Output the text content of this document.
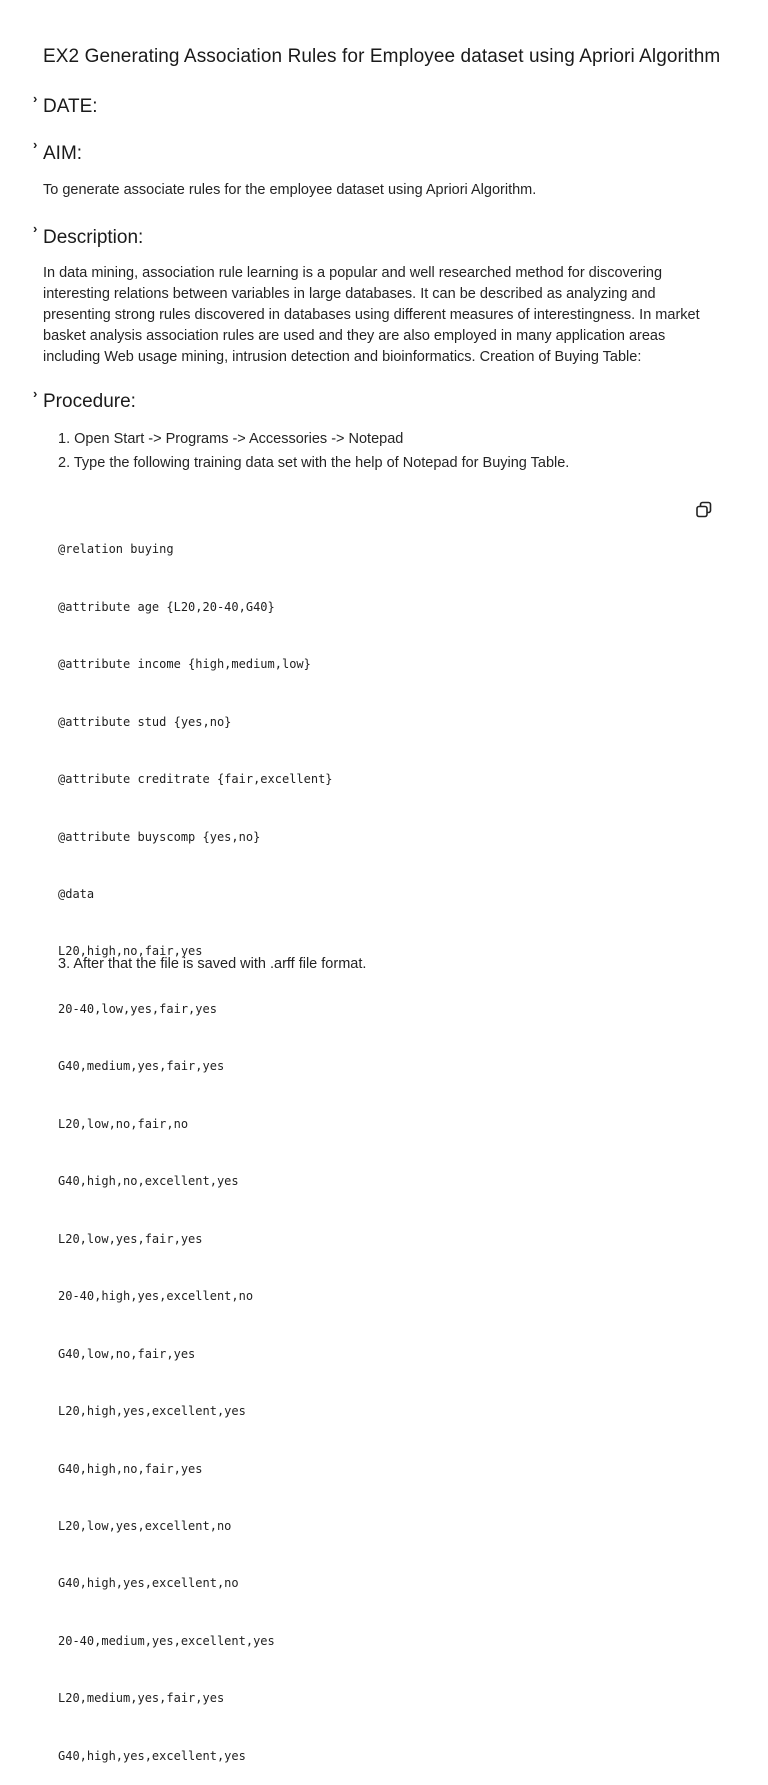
EX2 Generating Association Rules for Employee dataset using Apriori Algorithm
› DATE:
› AIM:
To generate associate rules for the employee dataset using Apriori Algorithm.
› Description:
In data mining, association rule learning is a popular and well researched method for discovering
interesting relations between variables in large databases. It can be described as analyzing and
presenting strong rules discovered in databases using different measures of interestingness. In market
basket analysis association rules are used and they are also employed in many application areas
including Web usage mining, intrusion detection and bioinformatics. Creation of Buying Table:
› Procedure:
1. Open Start -> Programs -> Accessories -> Notepad
2. Type the following training data set with the help of Notepad for Buying Table.

@relation buying

@attribute age {L20,20-40,G40}

@attribute income {high,medium,low}

@attribute stud {yes,no}

@attribute creditrate {fair,excellent}

@attribute buyscomp {yes,no}

@data

L20,high,no,fair,yes

20-40,low,yes,fair,yes

G40,medium,yes,fair,yes

L20,low,no,fair,no

G40,high,no,excellent,yes

L20,low,yes,fair,yes

20-40,high,yes,excellent,no

G40,low,no,fair,yes

L20,high,yes,excellent,yes

G40,high,no,fair,yes

L20,low,yes,excellent,no

G40,high,yes,excellent,no

20-40,medium,yes,excellent,yes

L20,medium,yes,fair,yes

G40,high,yes,excellent,yes

3. After that the file is saved with .arff file format.
